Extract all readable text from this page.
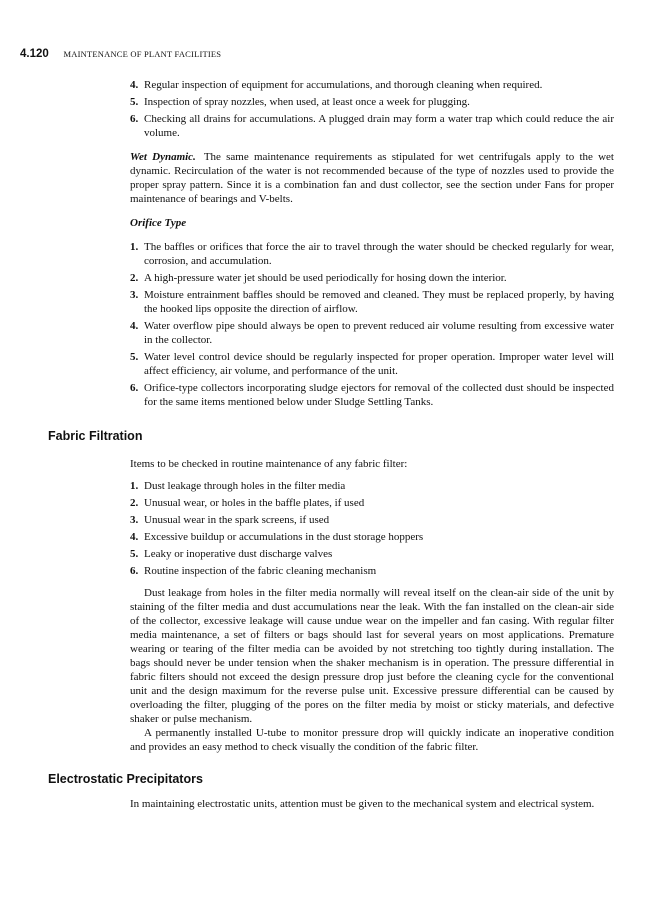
4.120 MAINTENANCE OF PLANT FACILITIES
4. Regular inspection of equipment for accumulations, and thorough cleaning when required.
5. Inspection of spray nozzles, when used, at least once a week for plugging.
6. Checking all drains for accumulations. A plugged drain may form a water trap which could reduce the air volume.

Wet Dynamic. The same maintenance requirements as stipulated for wet centrifugals apply to the wet dynamic. Recirculation of the water is not recommended because of the type of nozzles used to provide the proper spray pattern. Since it is a combination fan and dust collector, see the section under Fans for proper maintenance of bearings and V-belts.

Orifice Type

1. The baffles or orifices that force the air to travel through the water should be checked regularly for wear, corrosion, and accumulation.
2. A high-pressure water jet should be used periodically for hosing down the interior.
3. Moisture entrainment baffles should be removed and cleaned. They must be replaced properly, by having the hooked lips opposite the direction of airflow.
4. Water overflow pipe should always be open to prevent reduced air volume resulting from excessive water in the collector.
5. Water level control device should be regularly inspected for proper operation. Improper water level will affect efficiency, air volume, and performance of the unit.
6. Orifice-type collectors incorporating sludge ejectors for removal of the collected dust should be inspected for the same items mentioned below under Sludge Settling Tanks.
Fabric Filtration

Items to be checked in routine maintenance of any fabric filter:

1. Dust leakage through holes in the filter media
2. Unusual wear, or holes in the baffle plates, if used
3. Unusual wear in the spark screens, if used
4. Excessive buildup or accumulations in the dust storage hoppers
5. Leaky or inoperative dust discharge valves
6. Routine inspection of the fabric cleaning mechanism

Dust leakage from holes in the filter media normally will reveal itself on the clean-air side of the unit by staining of the filter media and dust accumulations near the leak. With the fan installed on the clean-air side of the collector, excessive leakage will cause undue wear on the impeller and fan casing. With regular filter media maintenance, a set of filters or bags should last for several years on most applications. Premature wearing or tearing of the filter media can be avoided by not stretching too tightly during installation. The bags should never be under tension when the shaker mechanism is in operation. The pressure differential in fabric filters should not exceed the design pressure drop just before the cleaning cycle for the conventional unit and the design maximum for the reverse pulse unit. Excessive pressure differential can be caused by overloading the filter, plugging of the pores on the filter media by moist or sticky materials, and defective shaker or pulse mechanism.

A permanently installed U-tube to monitor pressure drop will quickly indicate an inoperative condition and provides an easy method to check visually the condition of the fabric filter.

Electrostatic Precipitators

In maintaining electrostatic units, attention must be given to the mechanical system and electrical system.
